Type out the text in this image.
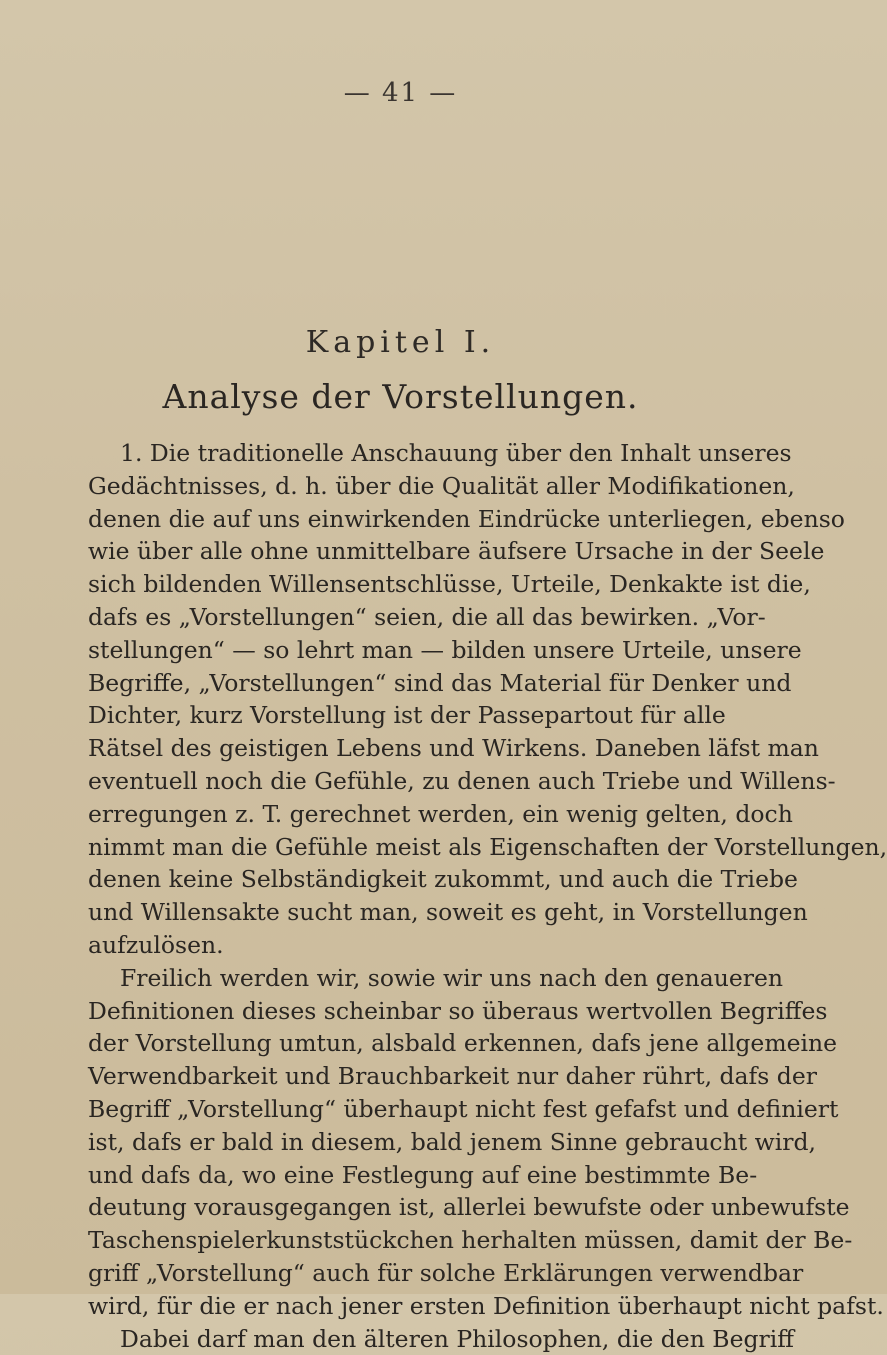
— 41 —
Kapitel I.
Analyse der Vorstellungen.
1. Die traditionelle Anschauung über den Inhalt unseres
Gedächtnisses, d. h. über die Qualität aller Modifikationen,
denen die auf uns einwirkenden Eindrücke unterliegen, ebenso
wie über alle ohne unmittelbare äufsere Ursache in der Seele
sich bildenden Willensentschlüsse, Urteile, Denkakte ist die,
dafs es „Vorstellungen“ seien, die all das bewirken. „Vor-
stellungen“ — so lehrt man — bilden unsere Urteile, unsere
Begriffe, „Vorstellungen“ sind das Material für Denker und
Dichter, kurz Vorstellung ist der Passepartout für alle
Rätsel des geistigen Lebens und Wirkens. Daneben läfst man
eventuell noch die Gefühle, zu denen auch Triebe und Willens-
erregungen z. T. gerechnet werden, ein wenig gelten, doch
nimmt man die Gefühle meist als Eigenschaften der Vorstellungen,
denen keine Selbständigkeit zukommt, und auch die Triebe
und Willensakte sucht man, soweit es geht, in Vorstellungen
aufzulösen.
Freilich werden wir, sowie wir uns nach den genaueren
Definitionen dieses scheinbar so überaus wertvollen Begriffes
der Vorstellung umtun, alsbald erkennen, dafs jene allgemeine
Verwendbarkeit und Brauchbarkeit nur daher rührt, dafs der
Begriff „Vorstellung“ überhaupt nicht fest gefafst und definiert
ist, dafs er bald in diesem, bald jenem Sinne gebraucht wird,
und dafs da, wo eine Festlegung auf eine bestimmte Be-
deutung vorausgegangen ist, allerlei bewufste oder unbewufste
Taschenspielerkunststückchen herhalten müssen, damit der Be-
griff „Vorstellung“ auch für solche Erklärungen verwendbar
wird, für die er nach jener ersten Definition überhaupt nicht pafst.
Dabei darf man den älteren Philosophen, die den Begriff
